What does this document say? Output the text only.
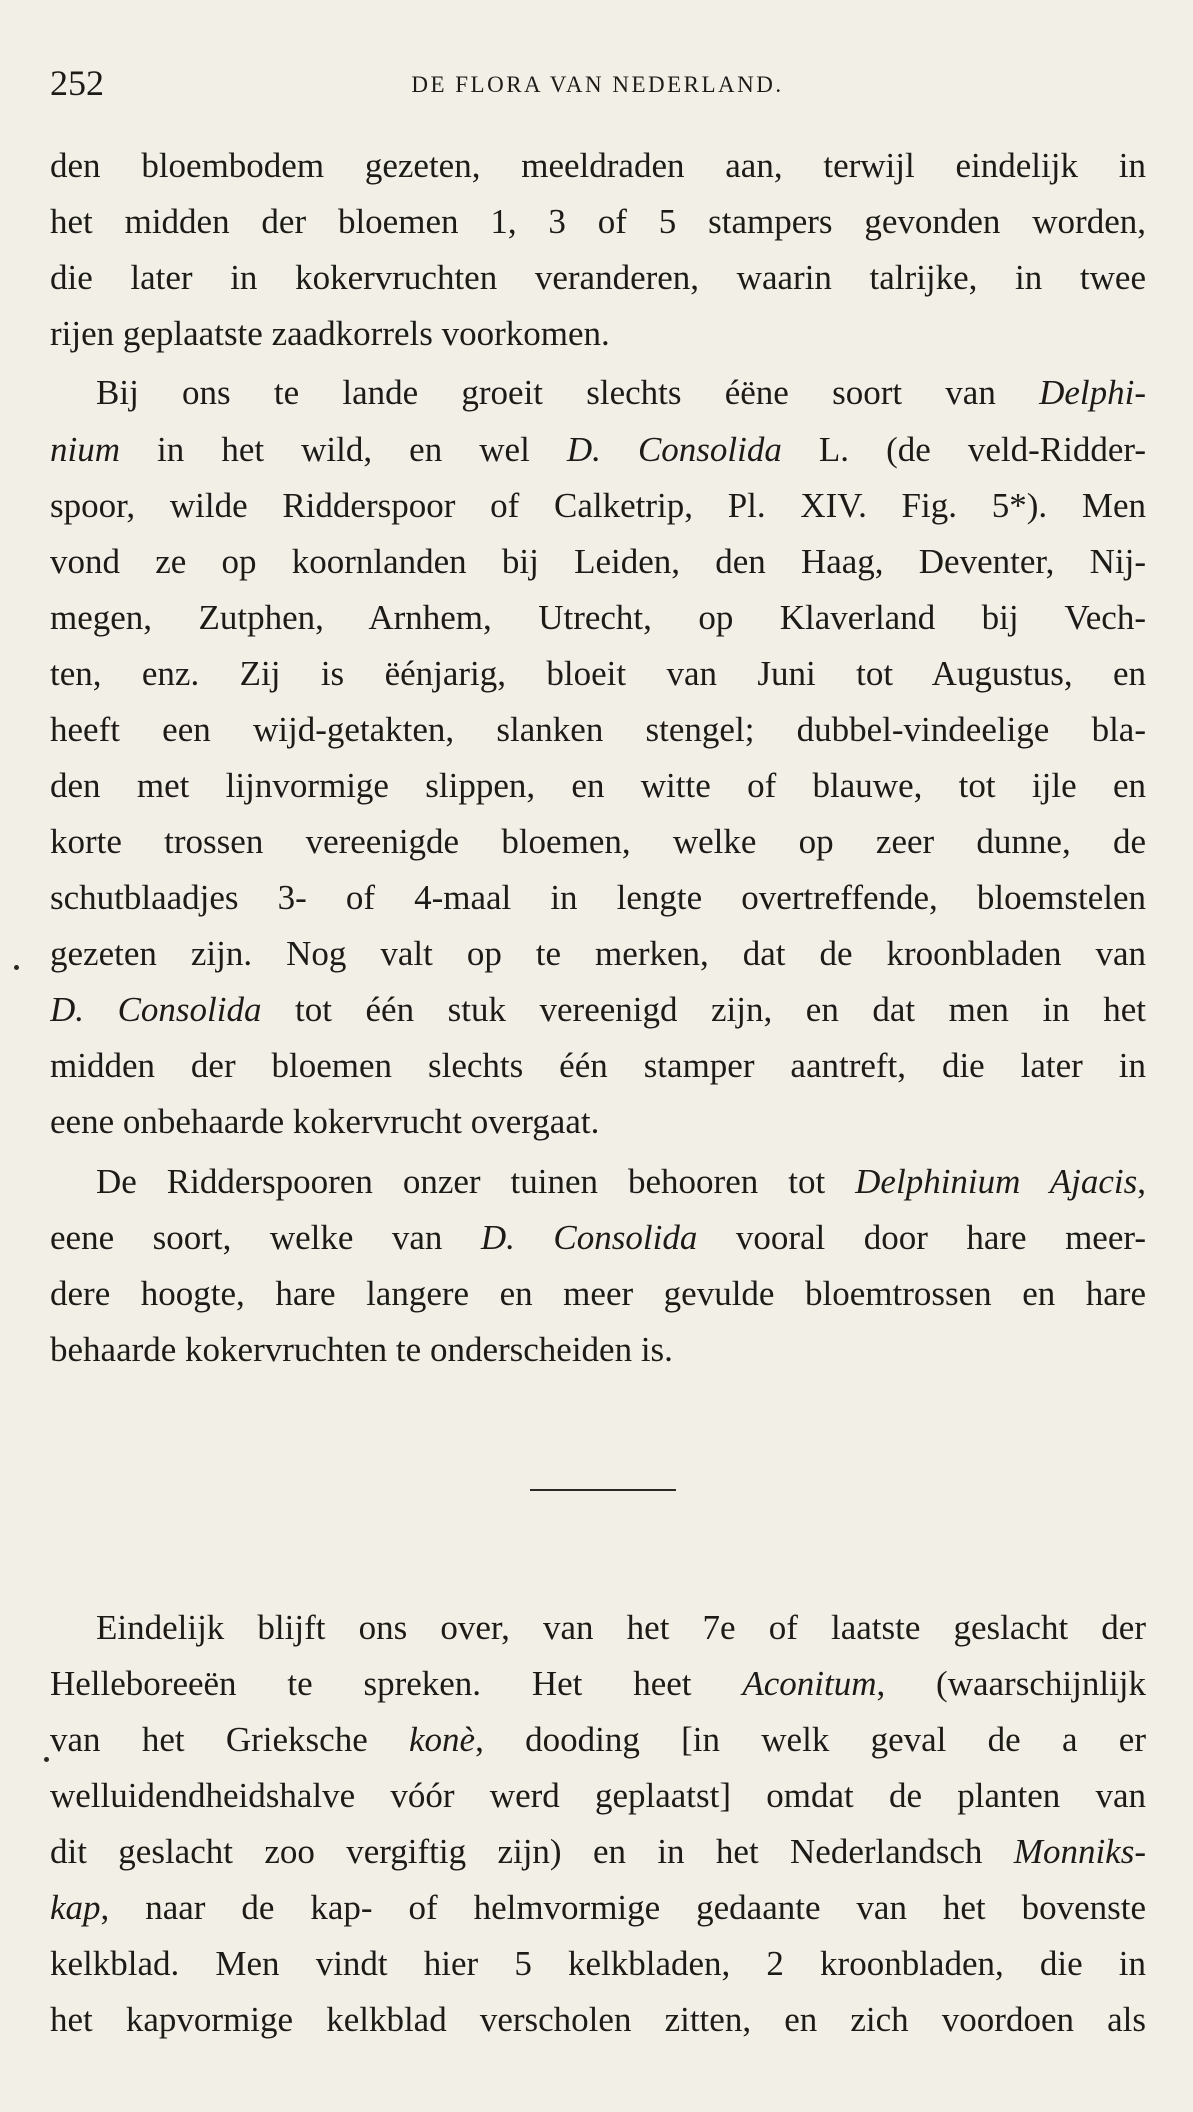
252	DE FLORA VAN NEDERLAND.
den bloembodem gezeten, meeldraden aan, terwijl eindelijk in
het midden der bloemen 1, 3 of 5 stampers gevonden worden,
die later in kokervruchten veranderen, waarin talrijke, in twee
rijen geplaatste zaadkorrels voorkomen.
Bij ons te lande groeit slechts éëne soort van Delphi-
nium in het wild, en wel D. Consolida L. (de veld-Ridder-
spoor, wilde Ridderspoor of Calketrip, Pl. XIV. Fig. 5*). Men
vond ze op koornlanden bij Leiden, den Haag, Deventer, Nij-
megen, Zutphen, Arnhem, Utrecht, op Klaverland bij Vech-
ten, enz. Zij is ëénjarig, bloeit van Juni tot Augustus, en
heeft een wijd-getakten, slanken stengel; dubbel-vindeelige bla-
den met lijnvormige slippen, en witte of blauwe, tot ijle en
korte trossen vereenigde bloemen, welke op zeer dunne, de
schutblaadjes 3- of 4-maal in lengte overtreffende, bloemstelen
gezeten zijn. Nog valt op te merken, dat de kroonbladen van
D. Consolida tot één stuk vereenigd zijn, en dat men in het
midden der bloemen slechts één stamper aantreft, die later in
eene onbehaarde kokervrucht overgaat.
De Ridderspooren onzer tuinen behooren tot Delphinium Ajacis,
eene soort, welke van D. Consolida vooral door hare meer-
dere hoogte, hare langere en meer gevulde bloemtrossen en hare
behaarde kokervruchten te onderscheiden is.
Eindelijk blijft ons over, van het 7e of laatste geslacht der
Helleboreeën te spreken. Het heet Aconitum, (waarschijnlijk
van het Grieksche konè, dooding [in welk geval de a er
welluidendheidshalve vóór werd geplaatst] omdat de planten van
dit geslacht zoo vergiftig zijn) en in het Nederlandsch Monniks-
kap, naar de kap- of helmvormige gedaante van het bovenste
kelkblad. Men vindt hier 5 kelkbladen, 2 kroonbladen, die in
het kapvormige kelkblad verscholen zitten, en zich voordoen als
